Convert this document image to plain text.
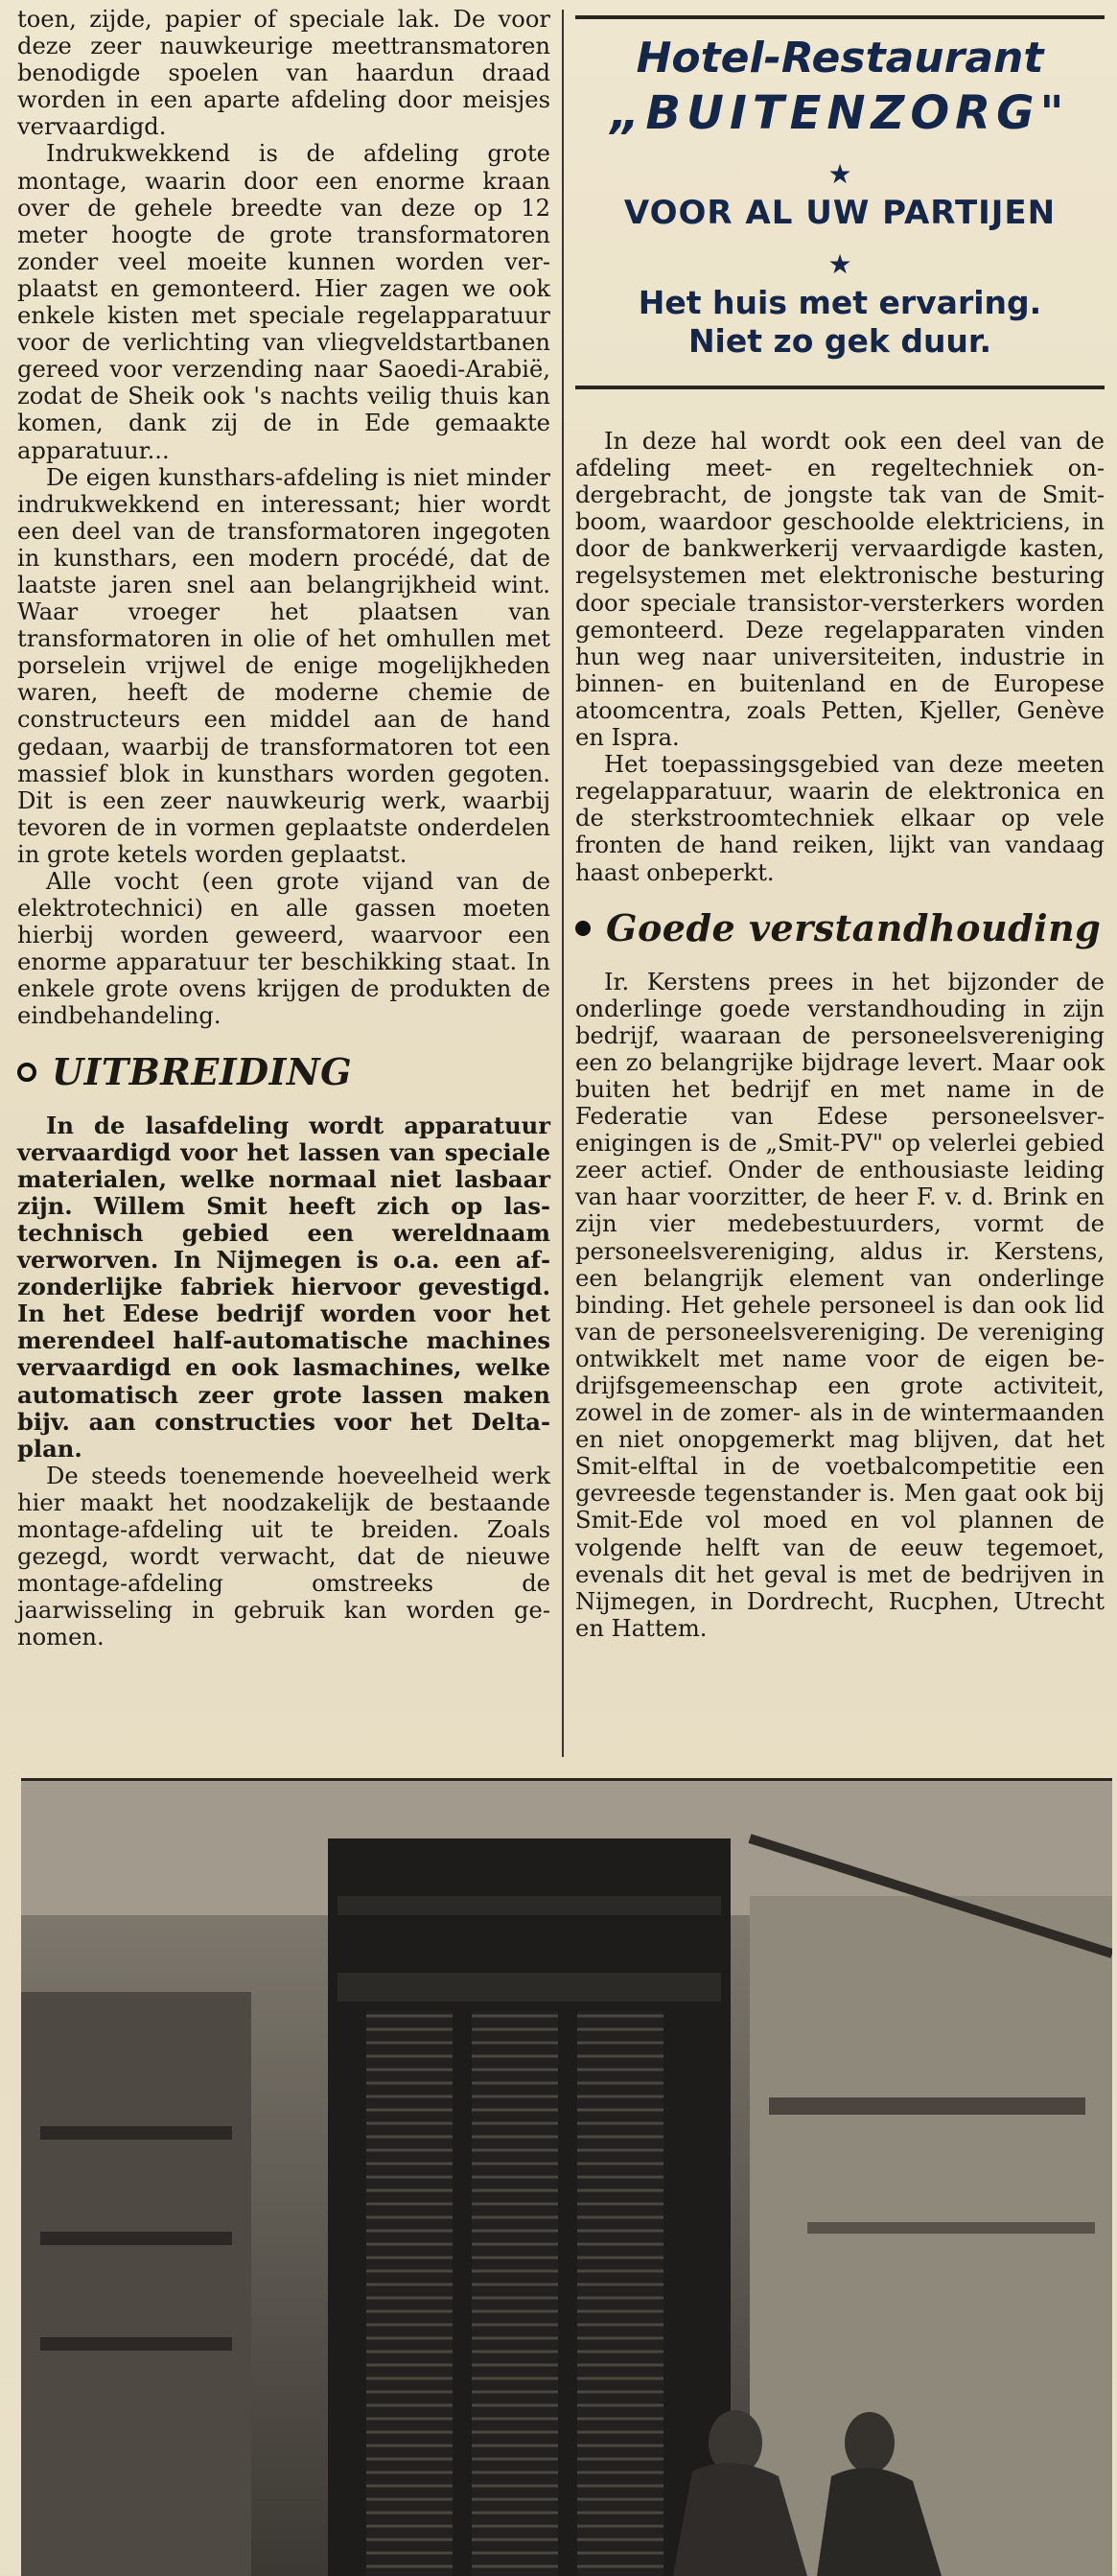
toen, zijde, papier of speciale lak. De voor deze zeer nauwkeurige meettransmatoren benodigde spoelen van haardun draad worden in een aparte afdeling door meisjes vervaardigd.

Indrukwekkend is de afdeling grote montage, waarin door een enorme kraan over de gehele breedte van deze op 12 meter hoogte de grote transformatoren zonder veel moeite kunnen worden verplaatst en gemonteerd. Hier zagen we ook enkele kisten met speciale regelapparatuur voor de verlichting van vliegveldstartbanen gereed voor verzending naar Saoedi-Arabië, zodat de Sheik ook 's nachts veilig thuis kan komen, dank zij de in Ede gemaakte apparatuur...

De eigen kunsthars-afdeling is niet minder indrukwekkend en interessant; hier wordt een deel van de transformatoren ingegoten in kunsthars, een modern procédé, dat de laatste jaren snel aan belangrijkheid wint. Waar vroeger het plaatsen van transformatoren in olie of het omhullen met porselein vrijwel de enige mogelijkheden waren, heeft de moderne chemie de constructeurs een middel aan de hand gedaan, waarbij de transformatoren tot een massief blok in kunsthars worden gegoten. Dit is een zeer nauwkeurig werk, waarbij tevoren de in vormen geplaatste onderdelen in grote ketels worden geplaatst.

Alle vocht (een grote vijand van de elektrotechnici) en alle gassen moeten hierbij worden geweerd, waarvoor een enorme apparatuur ter beschikking staat. In enkele grote ovens krijgen de produkten de eindbehandeling.

UITBREIDING

In de lasafdeling wordt apparatuur vervaardigd voor het lassen van speciale materialen, welke normaal niet lasbaar zijn. Willem Smit heeft zich op las-technisch gebied een wereldnaam verworven. In Nijmegen is o.a. een afzonderlijke fabriek hiervoor gevestigd. In het Edese bedrijf worden voor het merendeel half-automatische machines vervaardigd en ook lasmachines, welke automatisch zeer grote lassen maken bijv. aan constructies voor het Deltaplan.

De steeds toenemende hoeveelheid werk hier maakt het noodzakelijk de bestaande montage-afdeling uit te breiden. Zoals gezegd, wordt verwacht, dat de nieuwe montage-afdeling omstreeks de jaarwisseling in gebruik kan worden genomen.

Hotel-Restaurant
„BUITENZORG"
★
VOOR AL UW PARTIJEN
★
Het huis met ervaring.
Niet zo gek duur.

In deze hal wordt ook een deel van de afdeling meet- en regeltechniek ondergebracht, de jongste tak van de Smitboom, waardoor geschoolde elektriciens, in door de bankwerkerij vervaardigde kasten, regelsystemen met elektronische besturing door speciale transistor-versterkers worden gemonteerd. Deze regelapparaten vinden hun weg naar universiteiten, industrie in binnen- en buitenland en de Europese atoomcentra, zoals Petten, Kjeller, Genève en Ispra.

Het toepassingsgebied van deze meeten regelapparatuur, waarin de elektronica en de sterkstroomtechniek elkaar op vele fronten de hand reiken, lijkt van vandaag haast onbeperkt.

Goede verstandhouding

Ir. Kerstens prees in het bijzonder de onderlinge goede verstandhouding in zijn bedrijf, waaraan de personeelsvereniging een zo belangrijke bijdrage levert. Maar ook buiten het bedrijf en met name in de Federatie van Edese personeelsverenigingen is de „Smit-PV" op velerlei gebied zeer actief. Onder de enthousiaste leiding van haar voorzitter, de heer F. v. d. Brink en zijn vier medebestuurders, vormt de personeelsvereniging, aldus ir. Kerstens, een belangrijk element van onderlinge binding. Het gehele personeel is dan ook lid van de personeelsvereniging. De vereniging ontwikkelt met name voor de eigen bedrijfsgemeenschap een grote activiteit, zowel in de zomer- als in de wintermaanden en niet onopgemerkt mag blijven, dat het Smit-elftal in de voetbalcompetitie een gevreesde tegenstander is. Men gaat ook bij Smit-Ede vol moed en vol plannen de volgende helft van de eeuw tegemoet, evenals dit het geval is met de bedrijven in Nijmegen, in Dordrecht, Rucphen, Utrecht en Hattem.
